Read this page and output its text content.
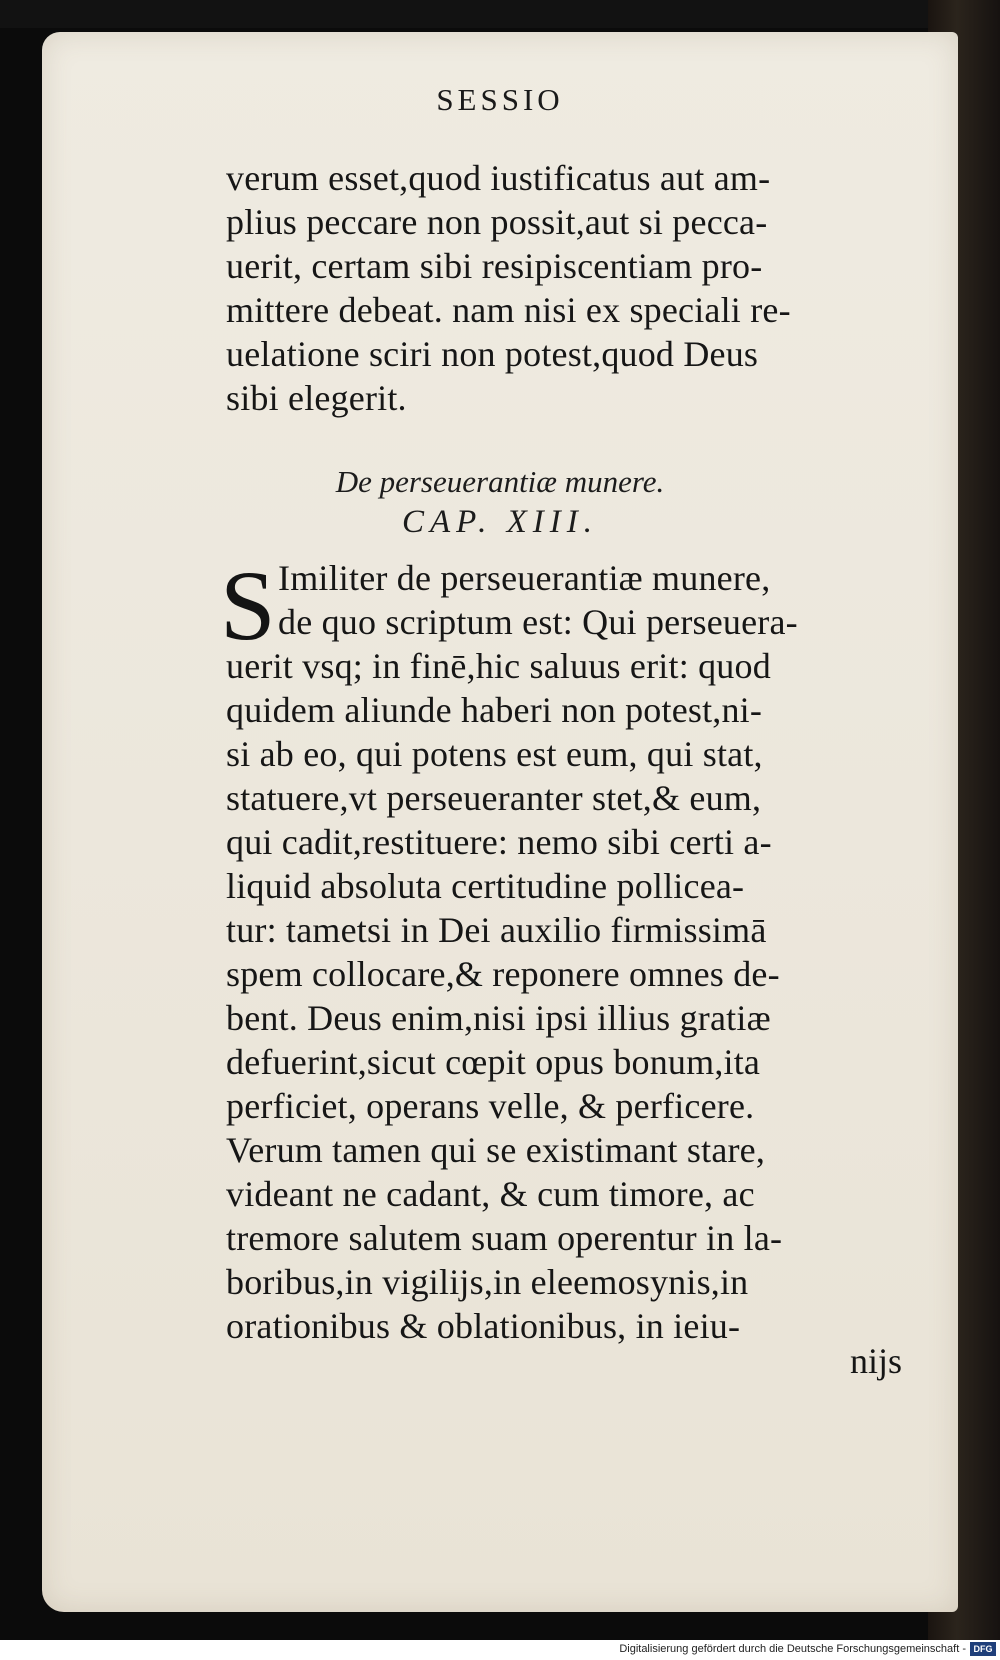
SESSIO
verum esset,quod iustificatus aut am-
plius peccare non possit,aut si pecca-
uerit, certam sibi resipiscentiam pro-
mittere debeat. nam nisi ex speciali re-
uelatione sciri non potest,quod Deus
sibi elegerit.
De perseuerantiæ munere.
CAP. XIII.
S Imiliter de perseuerantiæ munere,
de quo scriptum est: Qui perseuera-
uerit vsq; in finē,hic saluus erit: quod
quidem aliunde haberi non potest,ni-
si ab eo, qui potens est eum, qui stat,
statuere,vt perseueranter stet,& eum,
qui cadit,restituere: nemo sibi certi a-
liquid absoluta certitudine pollicea-
tur: tametsi in Dei auxilio firmissimā
spem collocare,& reponere omnes de-
bent. Deus enim,nisi ipsi illius gratiæ
defuerint,sicut cœpit opus bonum,ita
perficiet, operans velle, & perficere.
Verum tamen qui se existimant stare,
videant ne cadant, & cum timore, ac
tremore salutem suam operentur in la-
boribus,in vigilijs,in eleemosynis,in
orationibus & oblationibus, in ieiu-
nijs
Digitalisierung gefördert durch die Deutsche Forschungsgemeinschaft - DFG
